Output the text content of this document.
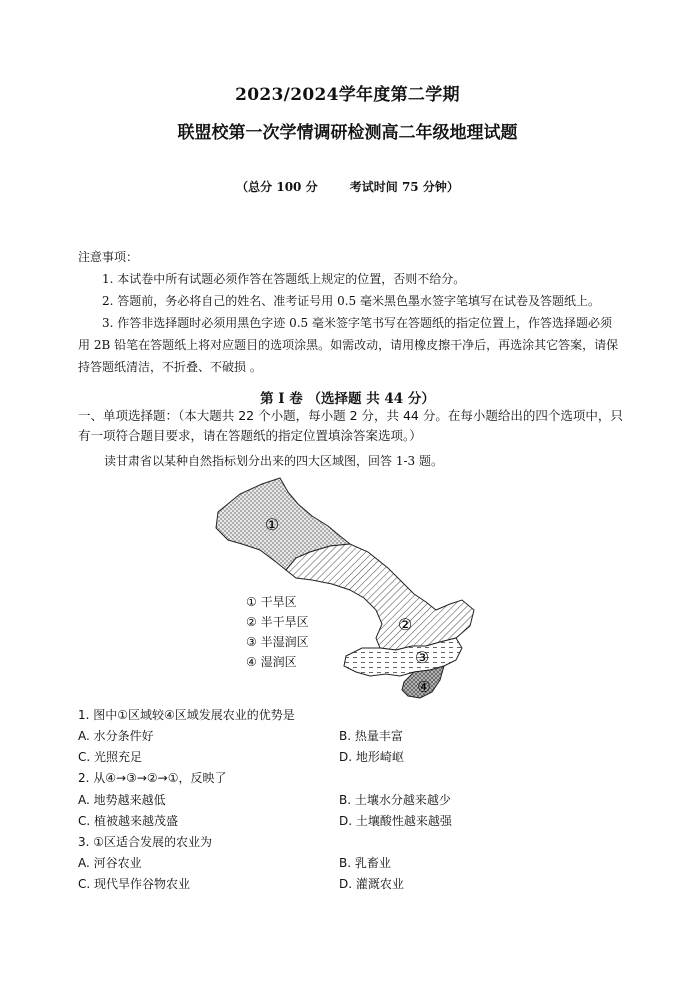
2023/2024学年度第二学期
联盟校第一次学情调研检测高二年级地理试题
（总分 100 分	考试时间 75 分钟）

注意事项：

1. 本试卷中所有试题必须作答在答题纸上规定的位置，否则不给分。

2. 答题前，务必将自己的姓名、准考证号用 0.5 毫米黑色墨水签字笔填写在试卷及答题纸上。

3. 作答非选择题时必须用黑色字迹 0.5 毫米签字笔书写在答题纸的指定位置上，作答选择题必须用 2B 铅笔在答题纸上将对应题目的选项涂黑。如需改动，请用橡皮擦干净后，再选涂其它答案，请保持答题纸清洁，不折叠、不破损 。

第 I 卷 （选择题 共 44 分）
一、单项选择题：（本大题共 22 个小题，每小题 2 分，共 44 分。在每小题给出的四个选项中，只有一项符合题目要求，请在答题纸的指定位置填涂答案选项。）
读甘肃省以某种自然指标划分出来的四大区域图，回答 1-3 题。
①
②
③
④
① 干旱区
② 半干旱区
③ 半湿润区
④ 湿润区
1. 图中①区域较④区域发展农业的优势是
A. 水分条件好	B. 热量丰富
C. 光照充足	D. 地形崎岖
2. 从④→③→②→①，反映了
A. 地势越来越低	B. 土壤水分越来越少
C. 植被越来越茂盛	D. 土壤酸性越来越强
3. ①区适合发展的农业为
A. 河谷农业	B. 乳畜业
C. 现代旱作谷物农业	D. 灌溉农业
